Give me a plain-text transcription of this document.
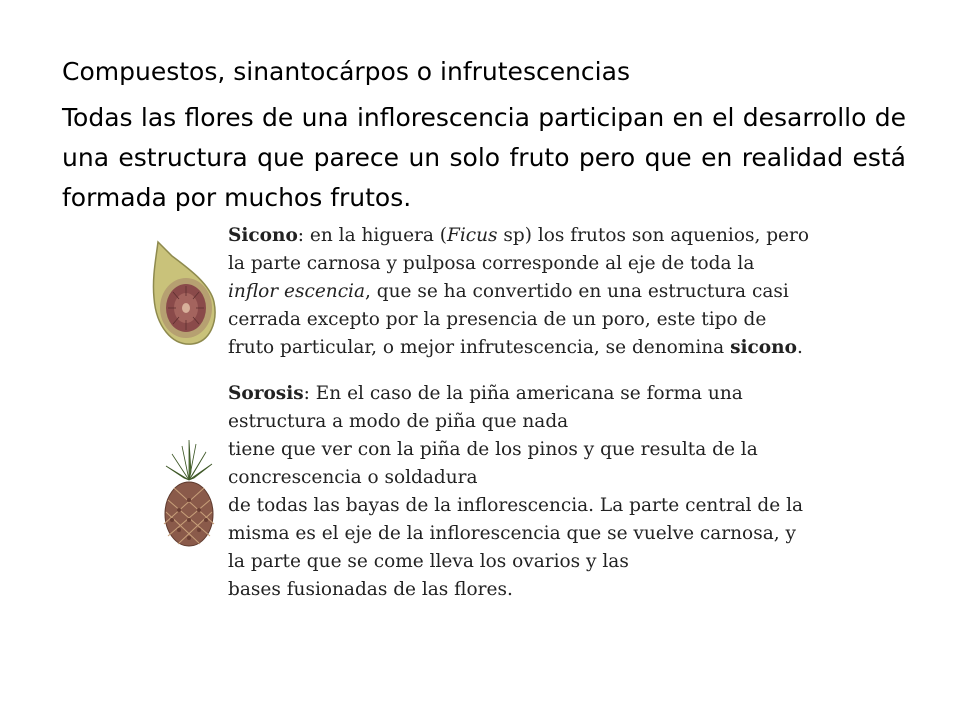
Compuestos, sinantocárpos o infrutescencias

Todas las flores de una inflorescencia participan en el desarrollo de una estructura que parece un solo fruto pero que en realidad está formada por muchos frutos.

Sicono: en la higuera (Ficus sp) los frutos son aquenios, pero
la parte carnosa y pulposa corresponde al eje de toda la
inflor escencia, que se ha convertido en una estructura casi
cerrada excepto por la presencia de un poro, este tipo de
fruto particular, o mejor infrutescencia, se denomina sicono.
Sorosis: En el caso de la piña americana se forma una
estructura a modo de piña que nada
tiene que ver con la piña de los pinos y que resulta de la
concrescencia o soldadura
de todas las bayas de la inflorescencia. La parte central de la
misma es el eje de la inflorescencia que se vuelve carnosa, y
la parte que se come lleva los ovarios y las
bases fusionadas de las flores.
